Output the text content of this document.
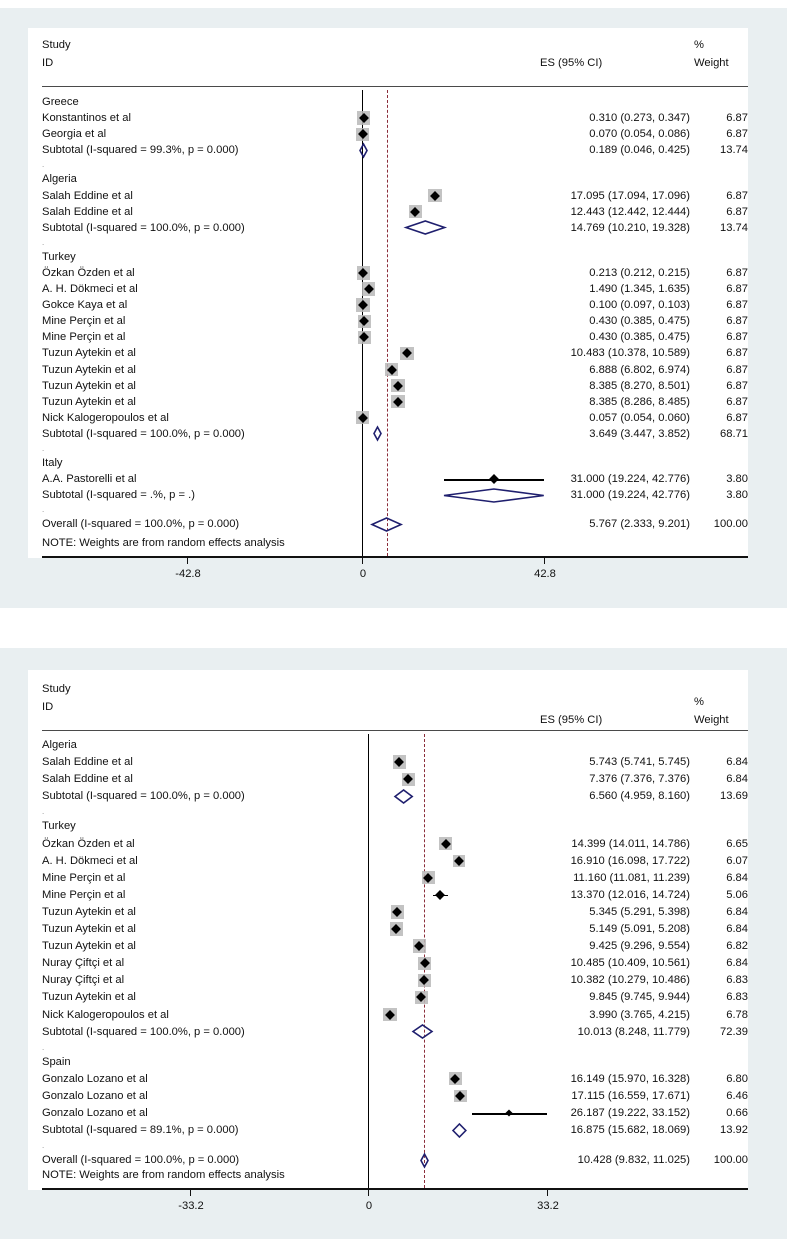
Study
ID	ES (95% CI)
%
Weight
NOTE: Weights are from random effects analysis
-42.8	0	42.8
Greece
Konstantinos et al	0.310 (0.273, 0.347)	6.87
Georgia et al	0.070 (0.054, 0.086)	6.87
Subtotal (I-squared = 99.3%, p = 0.000)	0.189 (0.046, 0.425)	13.74
.
Algeria
Salah Eddine et al	17.095 (17.094, 17.096)	6.87
Salah Eddine et al	12.443 (12.442, 12.444)	6.87
Subtotal (I-squared = 100.0%, p = 0.000)	14.769 (10.210, 19.328)	13.74
.
Turkey
Özkan Özden et al	0.213 (0.212, 0.215)	6.87
A. H. Dökmeci et al	1.490 (1.345, 1.635)	6.87
Gokce Kaya et al	0.100 (0.097, 0.103)	6.87
Mine Perçin et al	0.430 (0.385, 0.475)	6.87
Mine Perçin et al	0.430 (0.385, 0.475)	6.87
Tuzun Aytekin et al	10.483 (10.378, 10.589)	6.87
Tuzun Aytekin et al	6.888 (6.802, 6.974)	6.87
Tuzun Aytekin et al	8.385 (8.270, 8.501)	6.87
Tuzun Aytekin et al	8.385 (8.286, 8.485)	6.87
Nick Kalogeropoulos et al	0.057 (0.054, 0.060)	6.87
Subtotal (I-squared = 100.0%, p = 0.000)	3.649 (3.447, 3.852)	68.71
.
Italy
A.A. Pastorelli et al	31.000 (19.224, 42.776)	3.80
Subtotal (I-squared = .%, p = .)	31.000 (19.224, 42.776)	3.80
.
Overall (I-squared = 100.0%, p = 0.000)	5.767 (2.333, 9.201)	100.00
Study
ID
ES (95% CI)
%
Weight
NOTE: Weights are from random effects analysis
-33.2	0	33.2
Algeria
Salah Eddine et al	5.743 (5.741, 5.745)	6.84
Salah Eddine et al	7.376 (7.376, 7.376)	6.84
Subtotal (I-squared = 100.0%, p = 0.000)	6.560 (4.959, 8.160)	13.69
.
Turkey
Özkan Özden et al	14.399 (14.011, 14.786)	6.65
A. H. Dökmeci et al	16.910 (16.098, 17.722)	6.07
Mine Perçin et al	11.160 (11.081, 11.239)	6.84
Mine Perçin et al	13.370 (12.016, 14.724)	5.06
Tuzun Aytekin et al	5.345 (5.291, 5.398)	6.84
Tuzun Aytekin et al	5.149 (5.091, 5.208)	6.84
Tuzun Aytekin et al	9.425 (9.296, 9.554)	6.82
Nuray Çiftçi et al	10.485 (10.409, 10.561)	6.84
Nuray Çiftçi et al	10.382 (10.279, 10.486)	6.83
Tuzun Aytekin et al	9.845 (9.745, 9.944)	6.83
Nick Kalogeropoulos et al	3.990 (3.765, 4.215)	6.78
Subtotal (I-squared = 100.0%, p = 0.000)	10.013 (8.248, 11.779)	72.39
.
Spain
Gonzalo Lozano et al	16.149 (15.970, 16.328)	6.80
Gonzalo Lozano et al	17.115 (16.559, 17.671)	6.46
Gonzalo Lozano et al	26.187 (19.222, 33.152)	0.66
Subtotal (I-squared = 89.1%, p = 0.000)	16.875 (15.682, 18.069)	13.92
.
Overall (I-squared = 100.0%, p = 0.000)	10.428 (9.832, 11.025)	100.00
